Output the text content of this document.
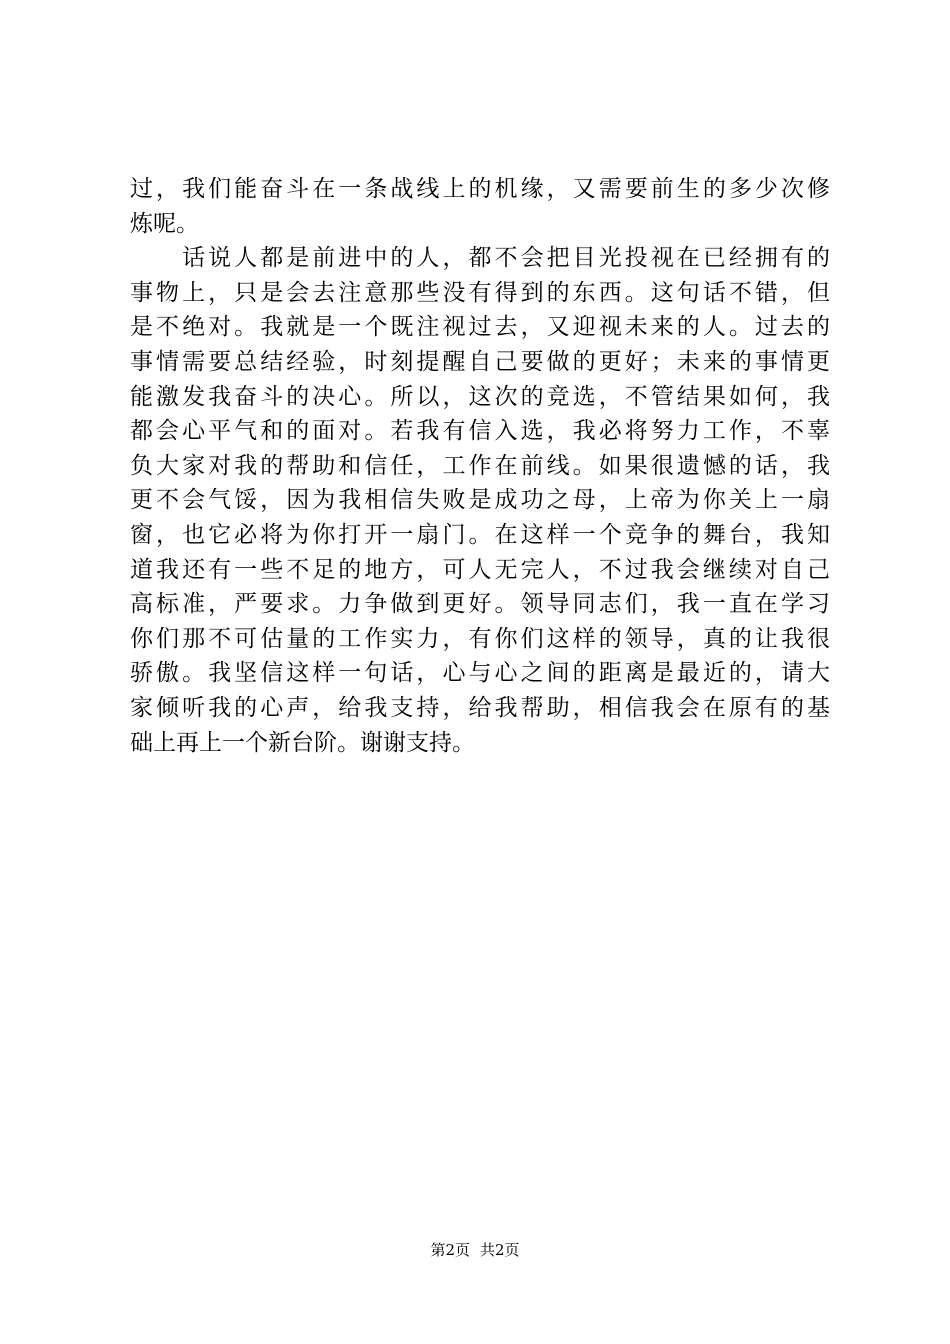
过，我们能奋斗在一条战线上的机缘，又需要前生的多少次修
炼呢。
　　话说人都是前进中的人，都不会把目光投视在已经拥有的
事物上，只是会去注意那些没有得到的东西。这句话不错，但
是不绝对。我就是一个既注视过去，又迎视未来的人。过去的
事情需要总结经验，时刻提醒自己要做的更好；未来的事情更
能激发我奋斗的决心。所以，这次的竞选，不管结果如何，我
都会心平气和的面对。若我有信入选，我必将努力工作，不辜
负大家对我的帮助和信任，工作在前线。如果很遗憾的话，我
更不会气馁，因为我相信失败是成功之母，上帝为你关上一扇
窗，也它必将为你打开一扇门。在这样一个竞争的舞台，我知
道我还有一些不足的地方，可人无完人，不过我会继续对自己
高标准，严要求。力争做到更好。领导同志们，我一直在学习
你们那不可估量的工作实力，有你们这样的领导，真的让我很
骄傲。我坚信这样一句话，心与心之间的距离是最近的，请大
家倾听我的心声，给我支持，给我帮助，相信我会在原有的基
础上再上一个新台阶。谢谢支持。
第2页 共2页
